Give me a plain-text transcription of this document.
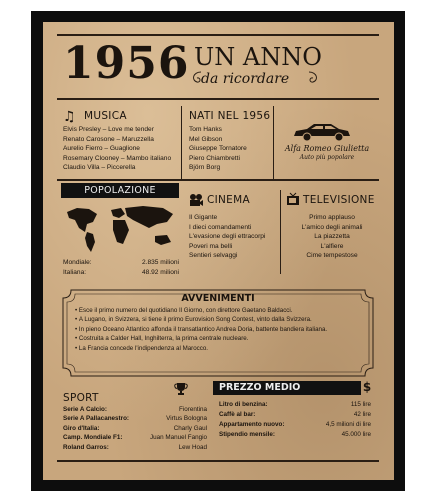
1956 UN ANNO
da ricordare
♫ MUSICA
Elvis Presley – Love me tender
Renato Carosone – Maruzzella
Aurelio Fierro – Guaglione
Rosemary Clooney – Mambo italiano
Claudio Villa – Piccerella
NATI NEL 1956
Tom Hanks
Mel Gibson
Giuseppe Tornatore
Piero Chiambretti
Björn Borg
Alfa Romeo Giulietta
Auto più popolare
POPOLAZIONE
Mondiale:	2.835 milioni
Italiana:	48.92 milioni
CINEMA
Il Gigante
I dieci comandamenti
L'evasione degli ettracorpi
Poveri ma belli
Sentieri selvaggi
TELEVISIONE
Primo applauso
L'amico degli animali
La piazzetta
L'alfiere
Cime tempestose
AVVENIMENTI
• Esce il primo numero del quotidiano Il Giorno, con direttore Gaetano Baldacci.
• A Lugano, in Svizzera, si tiene il primo Eurovision Song Contest, vinto dalla Svizzera.
• In pieno Oceano Atlantico affonda il transatlantico Andrea Doria, battente bandiera italiana.
• Costruita a Calder Hall, Inghilterra, la prima centrale nucleare.
• La Francia concede l'indipendenza al Marocco.
SPORT
Serie A Calcio:	Fiorentina
Serie A Pallacanestro:	Virtus Bologna
Giro d'Italia:	Charly Gaul
Camp. Mondiale F1:	Juan Manuel Fangio
Roland Garros:	Lew Hoad
PREZZO MEDIO	$
Litro di benzina:	115 lire
Caffè al bar:	42 lire
Appartamento nuovo:	4,5 milioni di lire
Stipendio mensile:	45.000 lire
